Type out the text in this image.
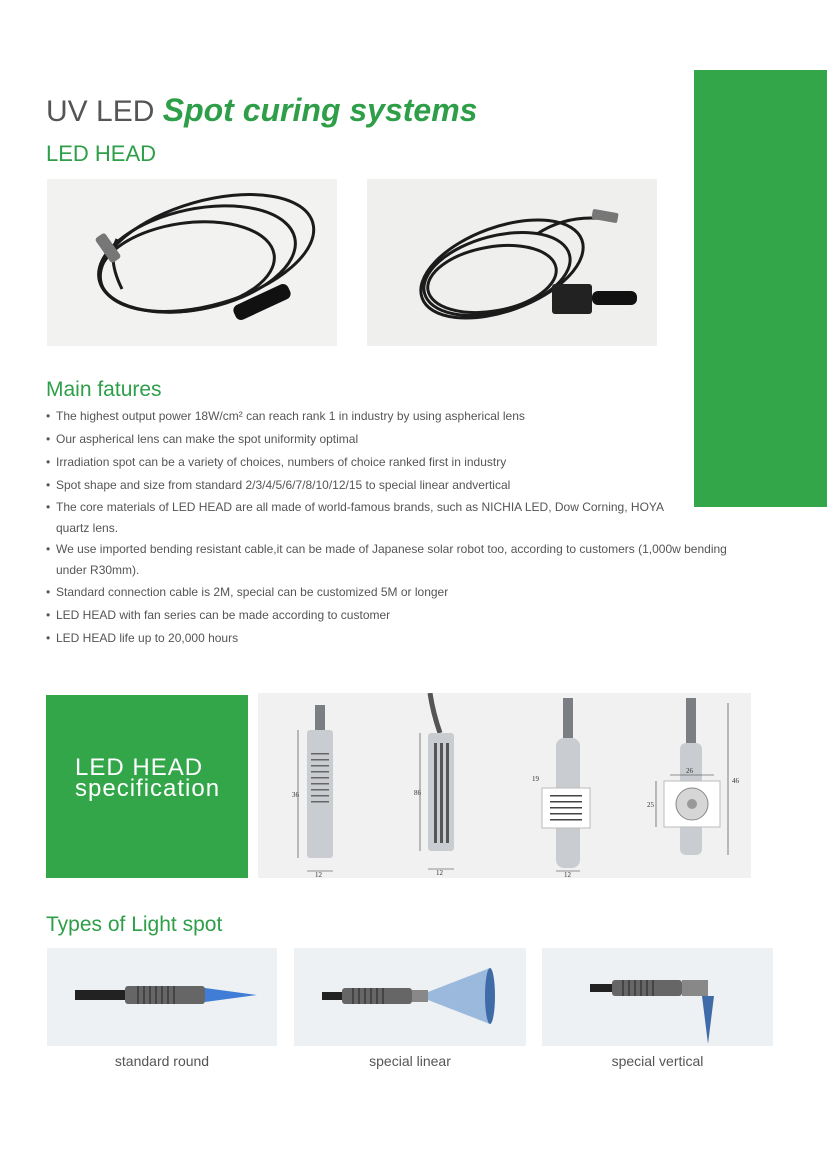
UV LED Spot curing systems
LED HEAD
Main fatures
• The highest output power 18W/cm² can reach rank 1 in industry by using aspherical lens
• Our aspherical lens can make the spot uniformity optimal
• Irradiation spot can be a variety of choices, numbers of choice ranked first in industry
• Spot shape and size from standard 2/3/4/5/6/7/8/10/12/15 to special linear andvertical
• The core materials of LED HEAD are all made of world-famous brands, such as NICHIA LED, Dow Corning, HOYA quartz lens.
• We use imported bending resistant cable,it can be made of Japanese solar robot too, according to customers (1,000w bending under R30mm).
• Standard connection cable is 2M, special can be customized 5M or longer
• LED HEAD with fan series can be made according to customer
• LED HEAD life up to 20,000 hours
LED HEAD
specification	36
12
86
12
19
12
26
25
46
Types of Light spot
standard round	special linear	special vertical
